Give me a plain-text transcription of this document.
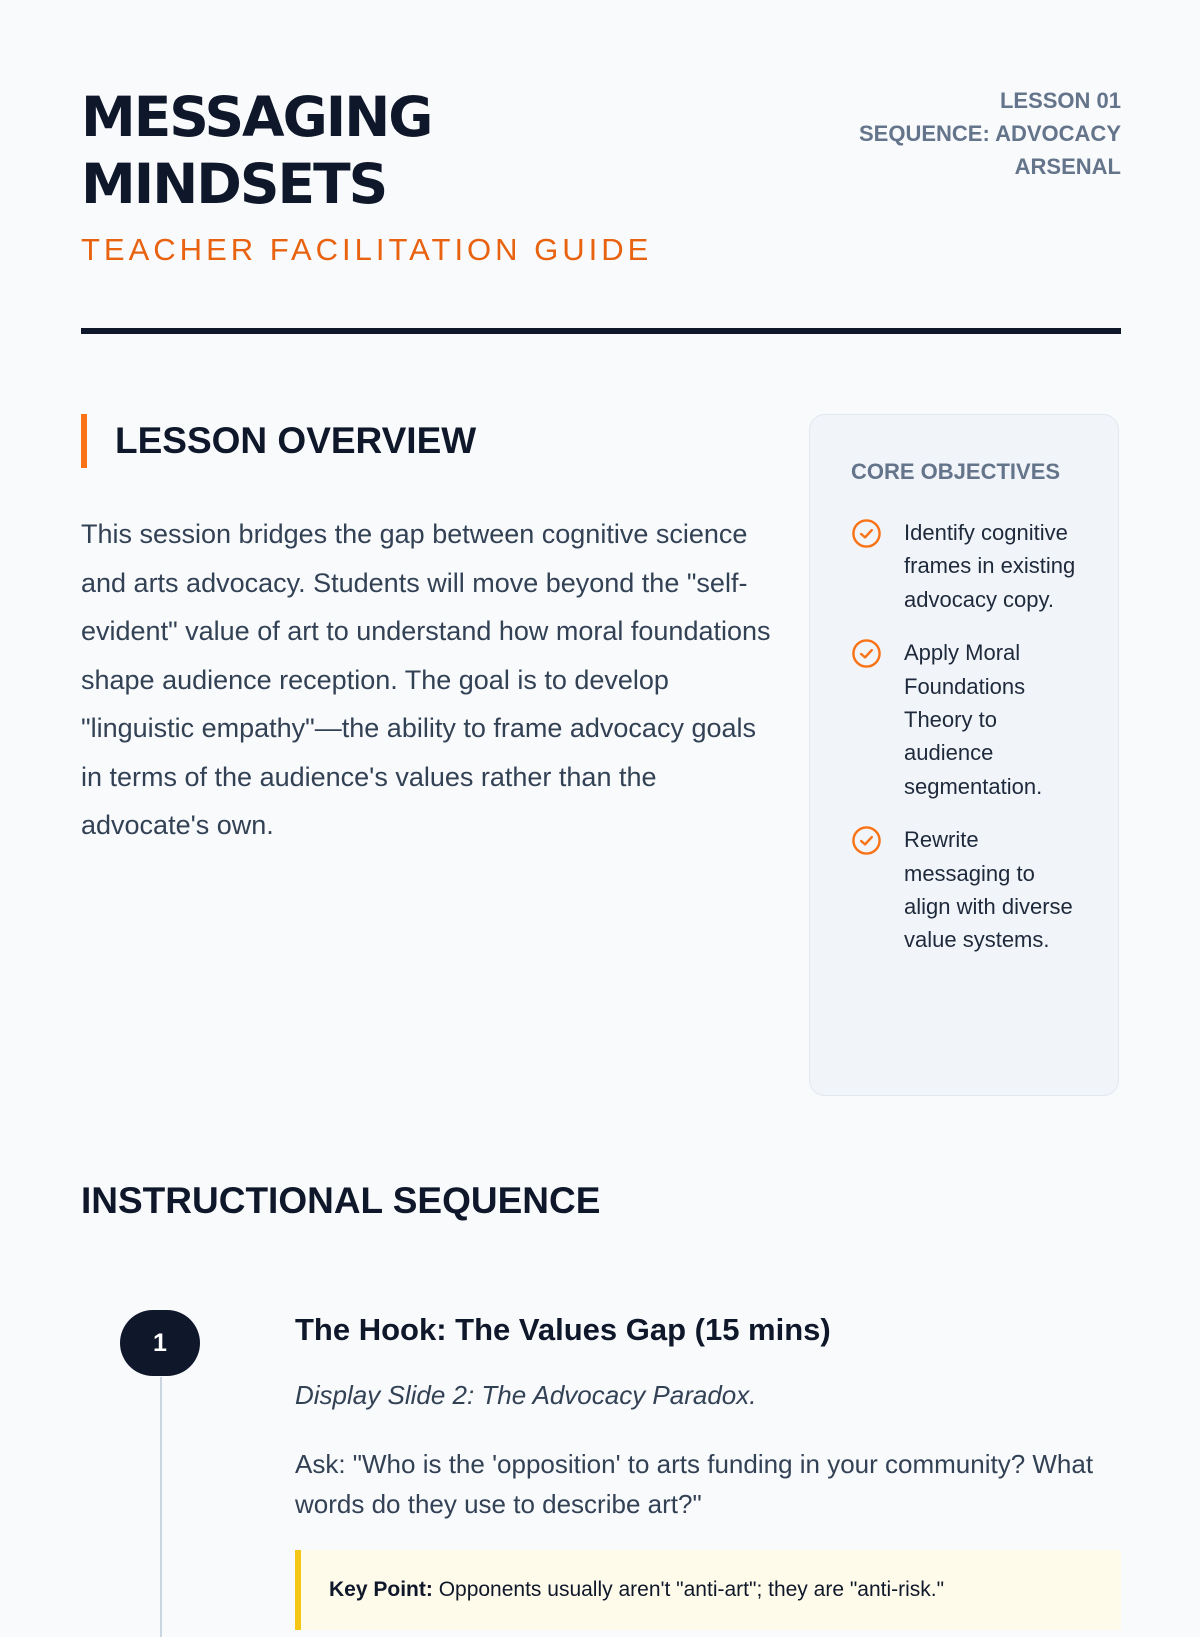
MESSAGING
MINDSETS
TEACHER FACILITATION GUIDE
LESSON 01
SEQUENCE: ADVOCACY
ARSENAL
LESSON OVERVIEW

This session bridges the gap between cognitive science and arts advocacy. Students will move beyond the "self-evident" value of art to understand how moral foundations shape audience reception. The goal is to develop "linguistic empathy"—the ability to frame advocacy goals in terms of the audience's values rather than the advocate's own.

CORE OBJECTIVES
Identify cognitive frames in existing advocacy copy.
Apply Moral Foundations Theory to audience segmentation.
Rewrite messaging to align with diverse value systems.
INSTRUCTIONAL SEQUENCE
1	The Hook: The Values Gap (15 mins)

Display Slide 2: The Advocacy Paradox.

Ask: "Who is the 'opposition' to arts funding in your community? What words do they use to describe art?"

Key Point: Opponents usually aren't "anti-art"; they are "anti-risk."
